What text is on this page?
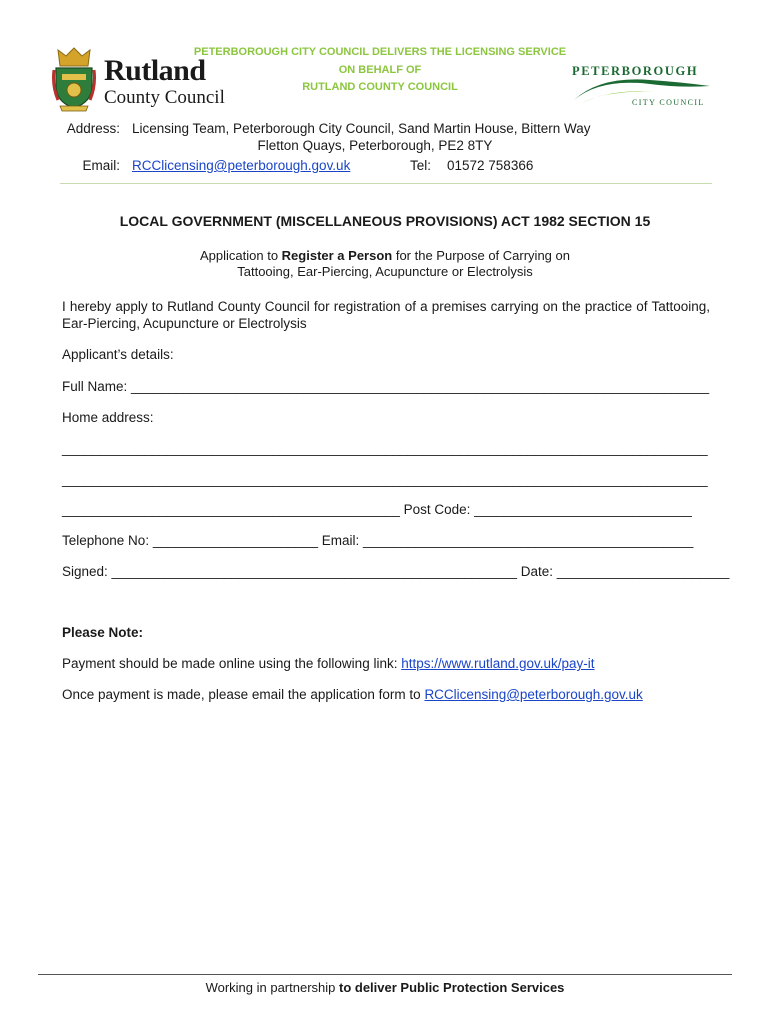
Rutland
County Council
PETERBOROUGH CITY COUNCIL DELIVERS THE LICENSING SERVICE
ON BEHALF OF
RUTLAND COUNTY COUNCIL
PETERBOROUGH
CITY COUNCIL
Address: Licensing Team, Peterborough City Council, Sand Martin House, Bittern Way
Fletton Quays, Peterborough, PE2 8TY
Email: RCClicensing@peterborough.gov.uk	Tel: 01572 758366
LOCAL GOVERNMENT (MISCELLANEOUS PROVISIONS) ACT 1982 SECTION 15
Application to Register a Person for the Purpose of Carrying on
Tattooing, Ear-Piercing, Acupuncture or Electrolysis
I hereby apply to Rutland County Council for registration of a premises carrying on the practice of Tattooing, Ear-Piercing, Acupuncture or Electrolysis
Applicant’s details:
Full Name: _____________________________________________________________________________
Home address:
______________________________________________________________________________________
______________________________________________________________________________________
_____________________________________________ Post Code: _____________________________
Telephone No: ______________________ Email: ____________________________________________
Signed: ______________________________________________________ Date: _______________________
Please Note:
Payment should be made online using the following link: https://www.rutland.gov.uk/pay-it
Once payment is made, please email the application form to RCClicensing@peterborough.gov.uk
Working in partnership to deliver Public Protection Services
